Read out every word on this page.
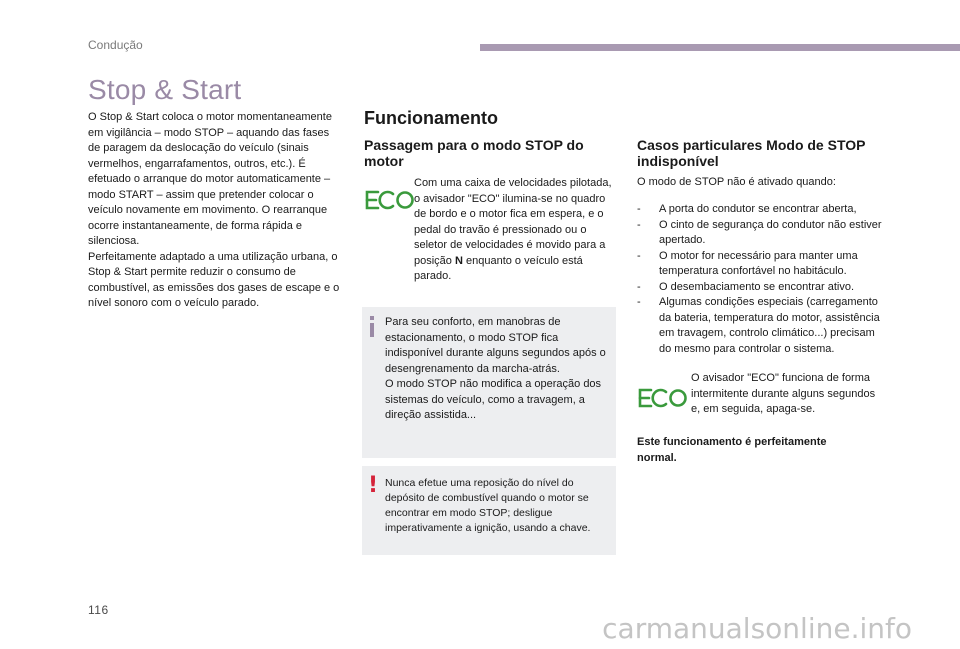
Condução
Stop & Start

O Stop & Start coloca o motor momentaneamente em vigilância – modo STOP – aquando das fases de paragem da deslocação do veículo (sinais vermelhos, engarrafamentos, outros, etc.). É efetuado o arranque do motor automaticamente – modo START – assim que pretender colocar o veículo novamente em movimento. O rearranque ocorre instantaneamente, de forma rápida e silenciosa.

Perfeitamente adaptado a uma utilização urbana, o Stop & Start permite reduzir o consumo de combustível, as emissões dos gases de escape e o nível sonoro com o veículo parado.

Funcionamento
Passagem para o modo STOP do motor

Com uma caixa de velocidades pilotada, o avisador "ECO" ilumina-se no quadro de bordo e o motor fica em espera, e o pedal do travão é pressionado ou o seletor de velocidades é movido para a posição N enquanto o veículo está parado.

Para seu conforto, em manobras de estacionamento, o modo STOP fica indisponível durante alguns segundos após o desengrenamento da marcha-atrás.

O modo STOP não modifica a operação dos sistemas do veículo, como a travagem, a direção assistida...

! Nunca efetue uma reposição do nível do depósito de combustível quando o motor se encontrar em modo STOP; desligue imperativamente a ignição, usando a chave.

Casos particulares Modo de STOP indisponível

O modo de STOP não é ativado quando:

- A porta do condutor se encontrar aberta,
- O cinto de segurança do condutor não estiver apertado.
- O motor for necessário para manter uma temperatura confortável no habitáculo.
- O desembaciamento se encontrar ativo.
- Algumas condições especiais (carregamento da bateria, temperatura do motor, assistência em travagem, controlo climático...) precisam do mesmo para controlar o sistema.

O avisador "ECO" funciona de forma intermitente durante alguns segundos e, em seguida, apaga-se.

Este funcionamento é perfeitamente normal.

116
carmanualsonline.info
